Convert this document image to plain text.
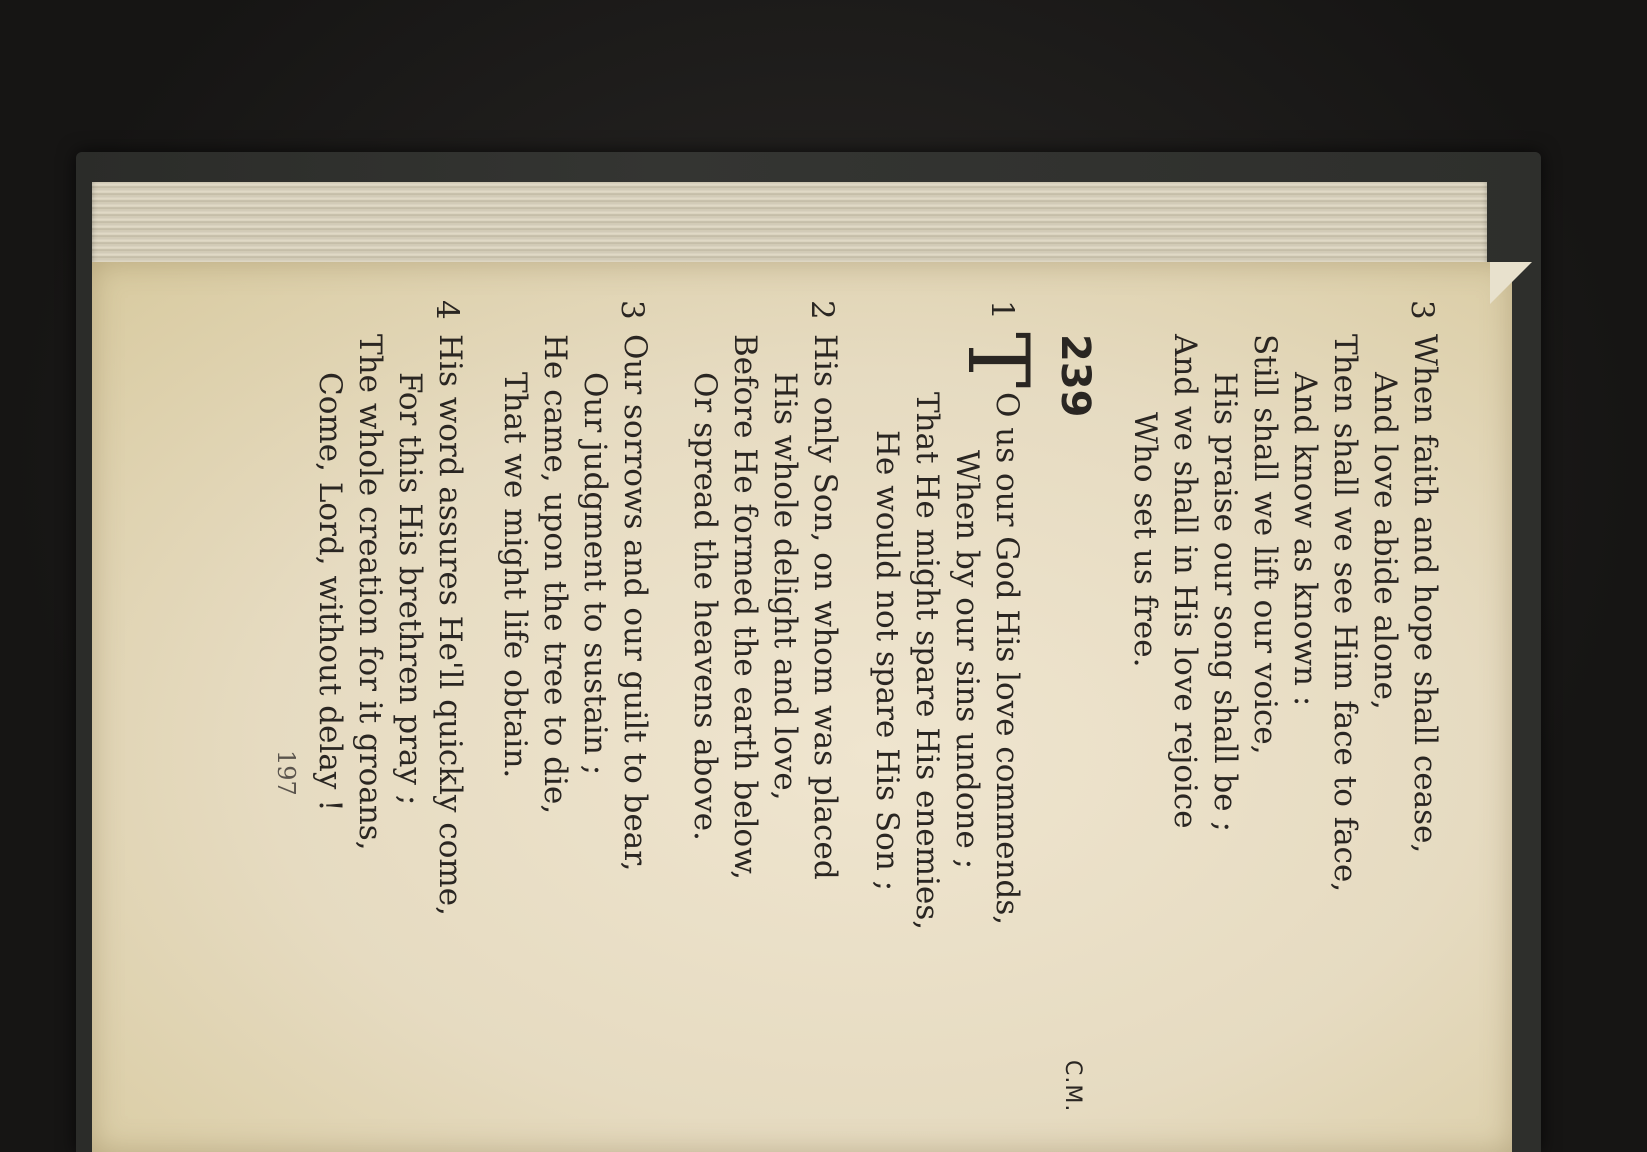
3
When faith and hope shall cease,
And love abide alone,
Then shall we see Him face to face,
And know as known :
Still shall we lift our voice,
His praise our song shall be ;
And we shall in His love rejoice
Who set us free.
239
C.M.
1
T
O us our God His love commends,
When by our sins undone ;
That He might spare His enemies,
He would not spare His Son ;
2
His only Son, on whom was placed
His whole delight and love,
Before He formed the earth below,
Or spread the heavens above.
3
Our sorrows and our guilt to bear,
Our judgment to sustain ;
He came, upon the tree to die,
That we might life obtain.
4
His word assures He'll quickly come,
For this His brethren pray ;
The whole creation for it groans,
Come, Lord, without delay !
197
